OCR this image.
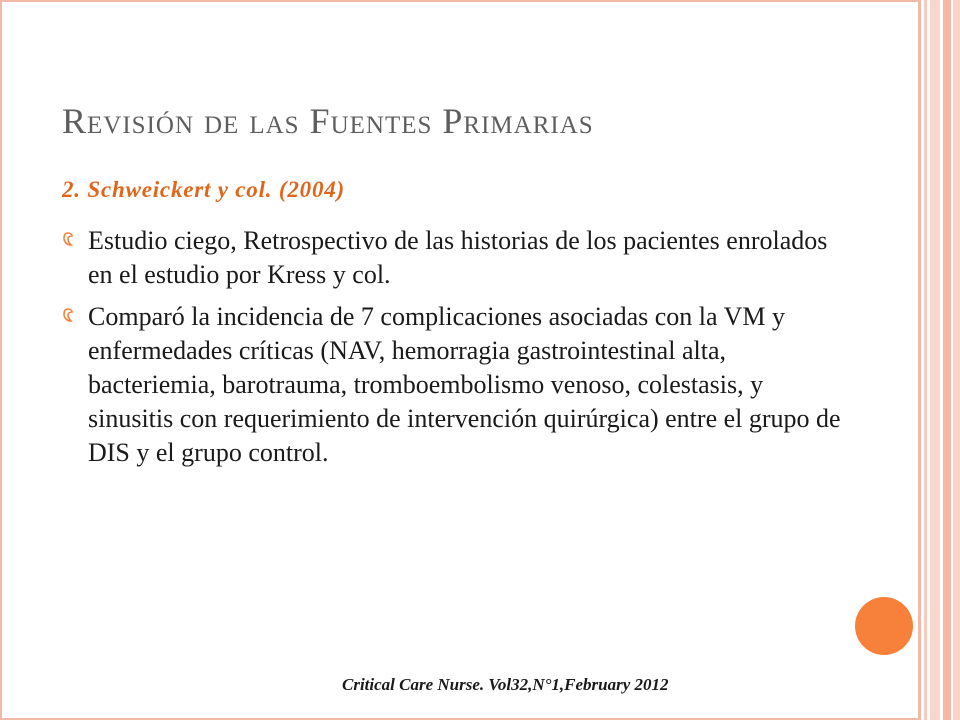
Revisión de las Fuentes Primarias
2. Schweickert y col. (2004)
Estudio ciego, Retrospectivo de las historias de los pacientes enrolados en el estudio por Kress y col.
Comparó la incidencia de 7 complicaciones asociadas con la VM y enfermedades críticas (NAV, hemorragia gastrointestinal alta, bacteriemia, barotrauma, tromboembolismo venoso, colestasis, y sinusitis con requerimiento de intervención quirúrgica) entre el grupo de DIS y el grupo control.
Critical Care Nurse. Vol32,N°1,February 2012
